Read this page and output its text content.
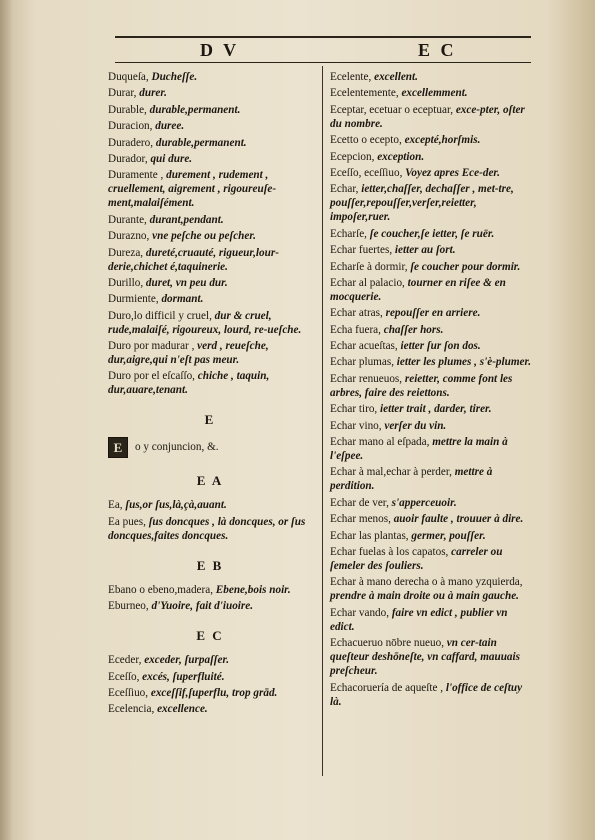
D V	E C
Duqueſa, Ducheſſe.
Durar, durer.
Durable, durable,permanent.
Duracion, duree.
Duradero, durable,permanent.
Durador, qui dure.
Duramente , durement , rudement , cruellement, aigrement , rigoureuſe-ment,malaiſément.
Durante, durant,pendant.
Durazno, vne peſche ou peſcher.
Dureza, dureté,cruauté, rigueur,lour-derie,chichet é,taquinerie.
Durillo, duret, vn peu dur.
Durmiente, dormant.
Duro,lo difficil y cruel, dur & cruel, rude,malaiſé, rigoureux, lourd, re-ueſche.
Duro por madurar , verd , reueſche, dur,aigre,qui n'eſt pas meur.
Duro por el eſcaſſo, chiche , taquin, dur,auare,tenant.
E
E o y conjuncion, &.
E A
Ea, ſus,or ſus,là,çà,auant.
Ea pues, ſus doncques , là doncques, or ſus doncques,faites doncques.
E B
Ebano o ebeno,madera, Ebene,bois noir.
Eburneo, d'Yuoire, fait d'iuoire.
E C
Eceder, exceder, ſurpaſſer.
Eceſſo, excés, ſuperfluité.
Eceſſiuo, exceſſif,ſuperflu, trop grād.
Ecelencia, excellence.
Ecelente, excellent.
Ecelentemente, excellemment.
Eceptar, ecetuar o eceptuar, exce-pter, oſter du nombre.
Ecetto o ecepto, excepté,horſmis.
Ecepcion, exception.
Eceſſo, eceſſiuo, Voyez apres Ece-der.
Echar, ietter,chaſſer, dechaſſer , met-tre, pouſſer,repouſſer,verſer,reietter, impoſer,ruer.
Echarſe, ſe coucher,ſe ietter, ſe ruër.
Echar fuertes, ietter au ſort.
Echarſe à dormir, ſe coucher pour dormir.
Echar al palacio, tourner en riſee & en mocquerie.
Echar atras, repouſſer en arriere.
Echa fuera, chaſſer hors.
Echar acueſtas, ietter ſur ſon dos.
Echar plumas, ietter les plumes , s'è-plumer.
Echar renueuos, reietter, comme font les arbres, faire des reiettons.
Echar tiro, ietter trait , darder, tirer.
Echar vino, verſer du vin.
Echar mano al eſpada, mettre la main à l'eſpee.
Echar à mal,echar à perder, mettre à perdition.
Echar de ver, s'apperceuoir.
Echar menos, auoir faulte , trouuer à dire.
Echar las plantas, germer, pouſſer.
Echar fuelas à los capatos, carreler ou ſemeler des ſouliers.
Echar à mano derecha o à mano yzquierda, prendre à main droite ou à main gauche.
Echar vando, faire vn edict , publier vn edict.
Echacueruo nōbre nueuo, vn cer-tain queſteur deshōneſte, vn caffard, mauuais preſcheur.
Echacoruería de aqueſte , l'office de ceſtuy là.
